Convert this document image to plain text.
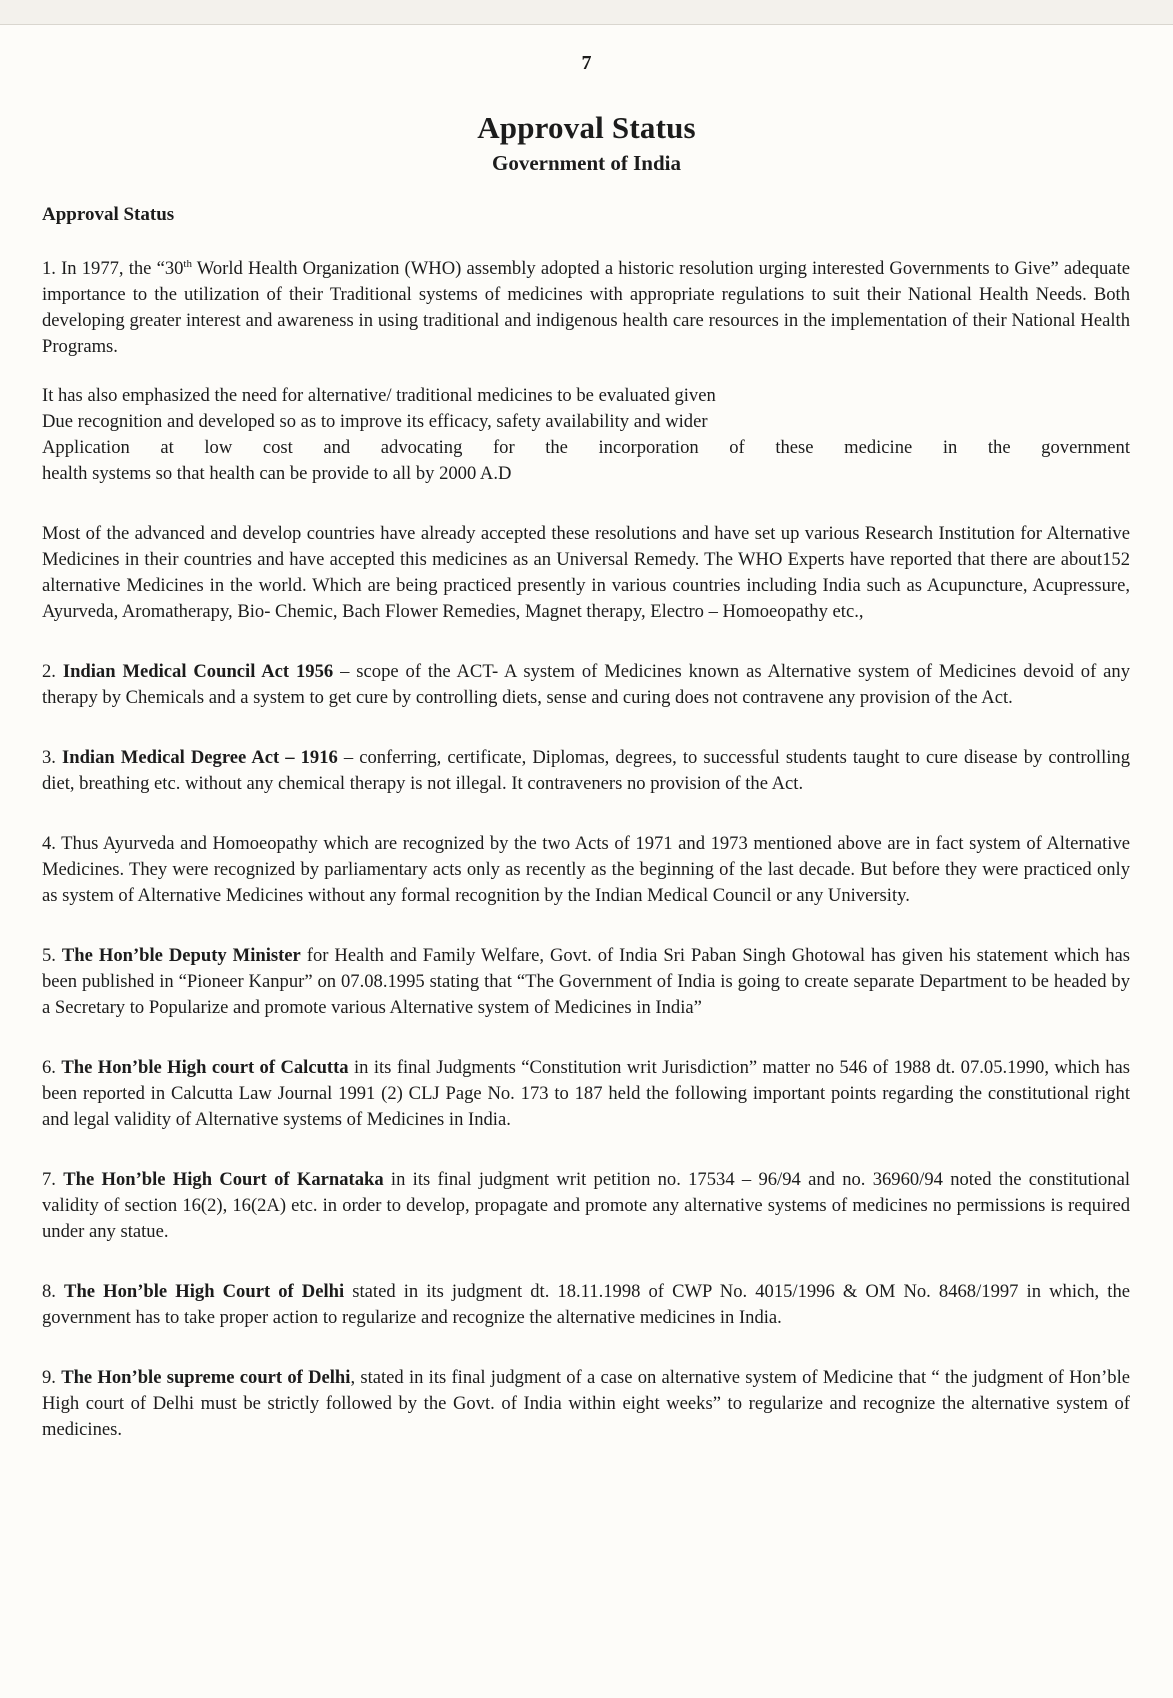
7
Approval Status
Government of India
Approval Status

1. In 1977, the “30th World Health Organization (WHO) assembly adopted a historic resolution urging interested Governments to Give” adequate importance to the utilization of their Traditional systems of medicines with appropriate regulations to suit their National Health Needs. Both developing greater interest and awareness in using traditional and indigenous health care resources in the implementation of their National Health Programs.

It has also emphasized the need for alternative/ traditional medicines to be evaluated given
Due recognition and developed so as to improve its efficacy, safety availability and wider
Application at low cost and advocating for the incorporation of these medicine in the government
health systems so that health can be provide to all by 2000 A.D

Most of the advanced and develop countries have already accepted these resolutions and have set up various Research Institution for Alternative Medicines in their countries and have accepted this medicines as an Universal Remedy. The WHO Experts have reported that there are about152 alternative Medicines in the world. Which are being practiced presently in various countries including India such as Acupuncture, Acupressure, Ayurveda, Aromatherapy, Bio- Chemic, Bach Flower Remedies, Magnet therapy, Electro – Homoeopathy etc.,

2. Indian Medical Council Act 1956 – scope of the ACT- A system of Medicines known as Alternative system of Medicines devoid of any therapy by Chemicals and a system to get cure by controlling diets, sense and curing does not contravene any provision of the Act.

3. Indian Medical Degree Act – 1916 – conferring, certificate, Diplomas, degrees, to successful students taught to cure disease by controlling diet, breathing etc. without any chemical therapy is not illegal. It contraveners no provision of the Act.

4. Thus Ayurveda and Homoeopathy which are recognized by the two Acts of 1971 and 1973 mentioned above are in fact system of Alternative Medicines. They were recognized by parliamentary acts only as recently as the beginning of the last decade. But before they were practiced only as system of Alternative Medicines without any formal recognition by the Indian Medical Council or any University.

5. The Hon’ble Deputy Minister for Health and Family Welfare, Govt. of India Sri Paban Singh Ghotowal has given his statement which has been published in “Pioneer Kanpur” on 07.08.1995 stating that “The Government of India is going to create separate Department to be headed by a Secretary to Popularize and promote various Alternative system of Medicines in India”

6. The Hon’ble High court of Calcutta in its final Judgments “Constitution writ Jurisdiction” matter no 546 of 1988 dt. 07.05.1990, which has been reported in Calcutta Law Journal 1991 (2) CLJ Page No. 173 to 187 held the following important points regarding the constitutional right and legal validity of Alternative systems of Medicines in India.

7. The Hon’ble High Court of Karnataka in its final judgment writ petition no. 17534 – 96/94 and no. 36960/94 noted the constitutional validity of section 16(2), 16(2A) etc. in order to develop, propagate and promote any alternative systems of medicines no permissions is required under any statue.

8. The Hon’ble High Court of Delhi stated in its judgment dt. 18.11.1998 of CWP No. 4015/1996 & OM No. 8468/1997 in which, the government has to take proper action to regularize and recognize the alternative medicines in India.

9. The Hon’ble supreme court of Delhi, stated in its final judgment of a case on alternative system of Medicine that “ the judgment of Hon’ble High court of Delhi must be strictly followed by the Govt. of India within eight weeks” to regularize and recognize the alternative system of medicines.
